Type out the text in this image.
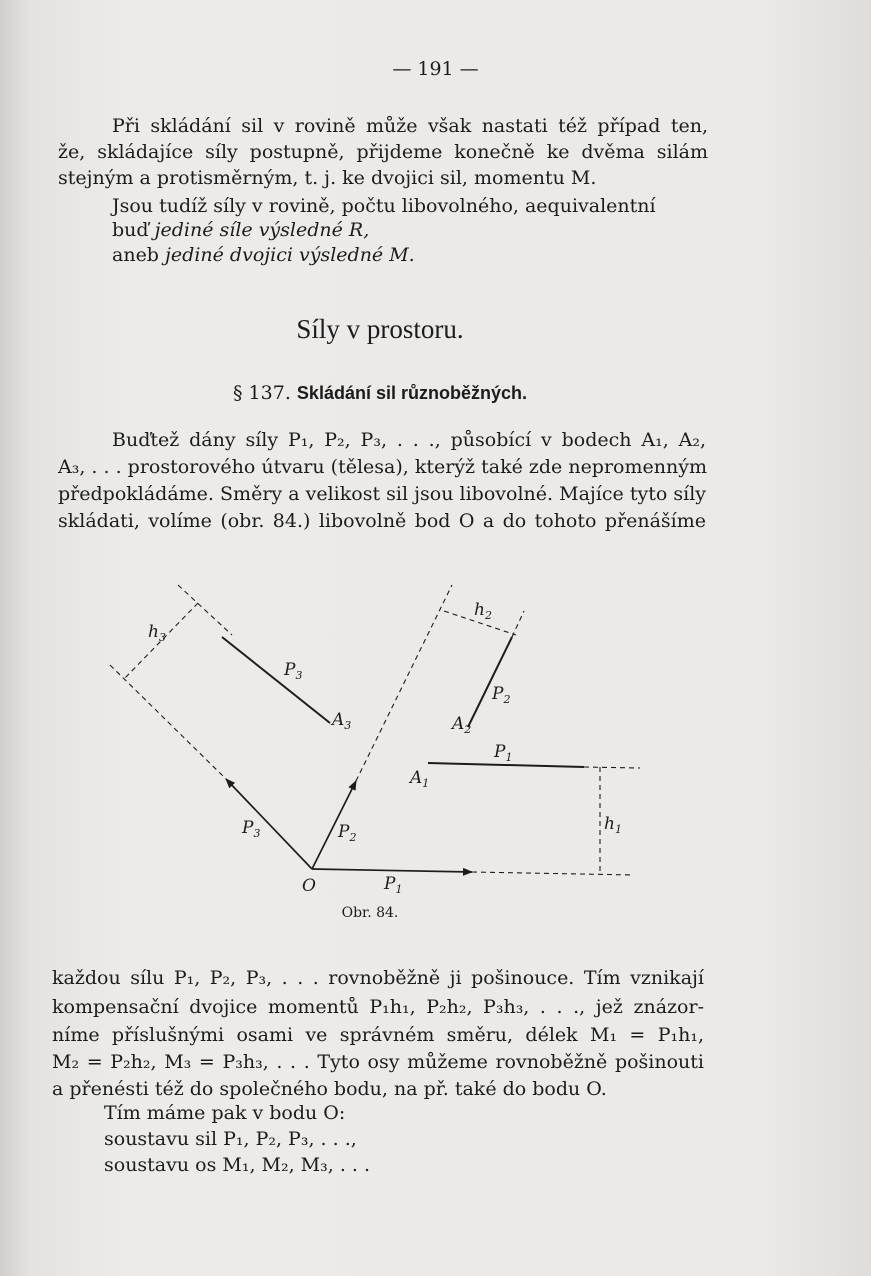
— 191 —
Při skládání sil v rovině může však nastati též případ ten,
že, skládajíce síly postupně, přijdeme konečně ke dvěma silám
stejným a protisměrným, t. j. ke dvojici sil, momentu M.
Jsou tudíž síly v rovině, počtu libovolného, aequivalentní
buď jediné síle výsledné R,
aneb jediné dvojici výsledné M.
Síly v prostoru.
§ 137. Skládání sil různoběžných.
Buďtež dány síly P₁, P₂, P₃, . . ., působící v bodech A₁, A₂,
A₃, . . . prostorového útvaru (tělesa), kterýž také zde nepromenným
předpokládáme. Směry a velikost sil jsou libovolné. Majíce tyto síly
skládati, volíme (obr. 84.) libovolně bod O a do tohoto přenášíme
O	$P_1$
$P_2$
$P_3$
$P_3$
$A_3$
$P_2$
$A_2$
$P_1$
$A_1$
$h_1$
$h_2$
$h_3$
Obr. 84.
každou sílu P₁, P₂, P₃, . . . rovnoběžně ji pošinouce. Tím vznikají
kompensační dvojice momentů P₁h₁, P₂h₂, P₃h₃, . . ., jež znázor-
níme příslušnými osami ve správném směru, délek M₁ = P₁h₁,
M₂ = P₂h₂, M₃ = P₃h₃, . . . Tyto osy můžeme rovnoběžně pošinouti
a přenésti též do společného bodu, na př. také do bodu O.
Tím máme pak v bodu O:
soustavu sil P₁, P₂, P₃, . . .,
soustavu os M₁, M₂, M₃, . . .
